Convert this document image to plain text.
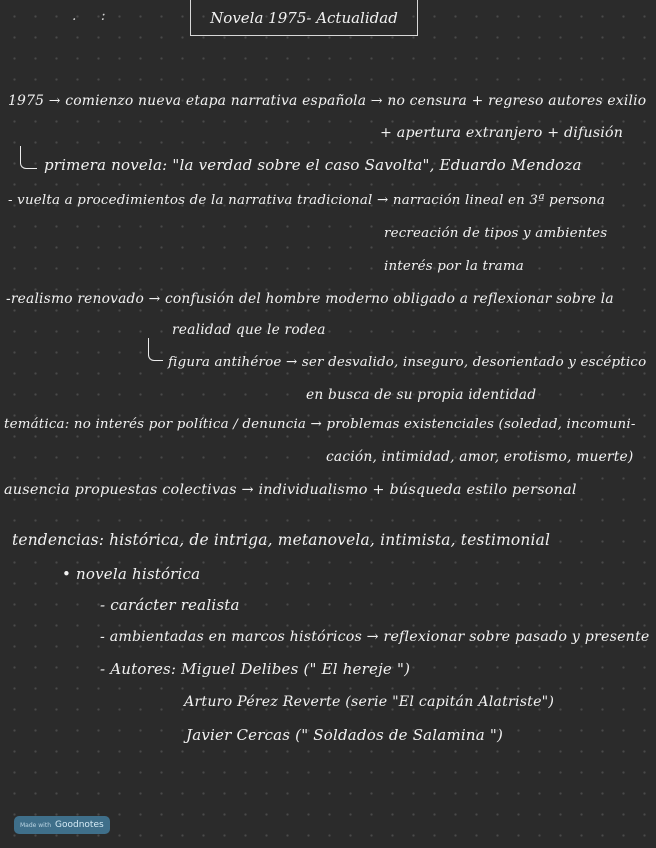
. :	Novela 1975- Actualidad
1975 → comienzo nueva etapa narrativa española → no censura + regreso autores exilio
+ apertura extranjero + difusión
primera novela: "la verdad sobre el caso Savolta", Eduardo Mendoza
- vuelta a procedimientos de la narrativa tradicional → narración lineal en 3ª persona
recreación de tipos y ambientes
interés por la trama
-realismo renovado → confusión del hombre moderno obligado a reflexionar sobre la
realidad que le rodea
figura antihéroe → ser desvalido, inseguro, desorientado y escéptico
en busca de su propia identidad
temática: no interés por política / denuncia → problemas existenciales (soledad, incomuni-
cación, intimidad, amor, erotismo, muerte)
ausencia propuestas colectivas → individualismo + búsqueda estilo personal
tendencias: histórica, de intriga, metanovela, intimista, testimonial
• novela histórica
- carácter realista
- ambientadas en marcos históricos → reflexionar sobre pasado y presente
- Autores: Miguel Delibes (" El hereje ")
Arturo Pérez Reverte (serie "El capitán Alatriste")
Javier Cercas (" Soldados de Salamina ")
Made with Goodnotes
